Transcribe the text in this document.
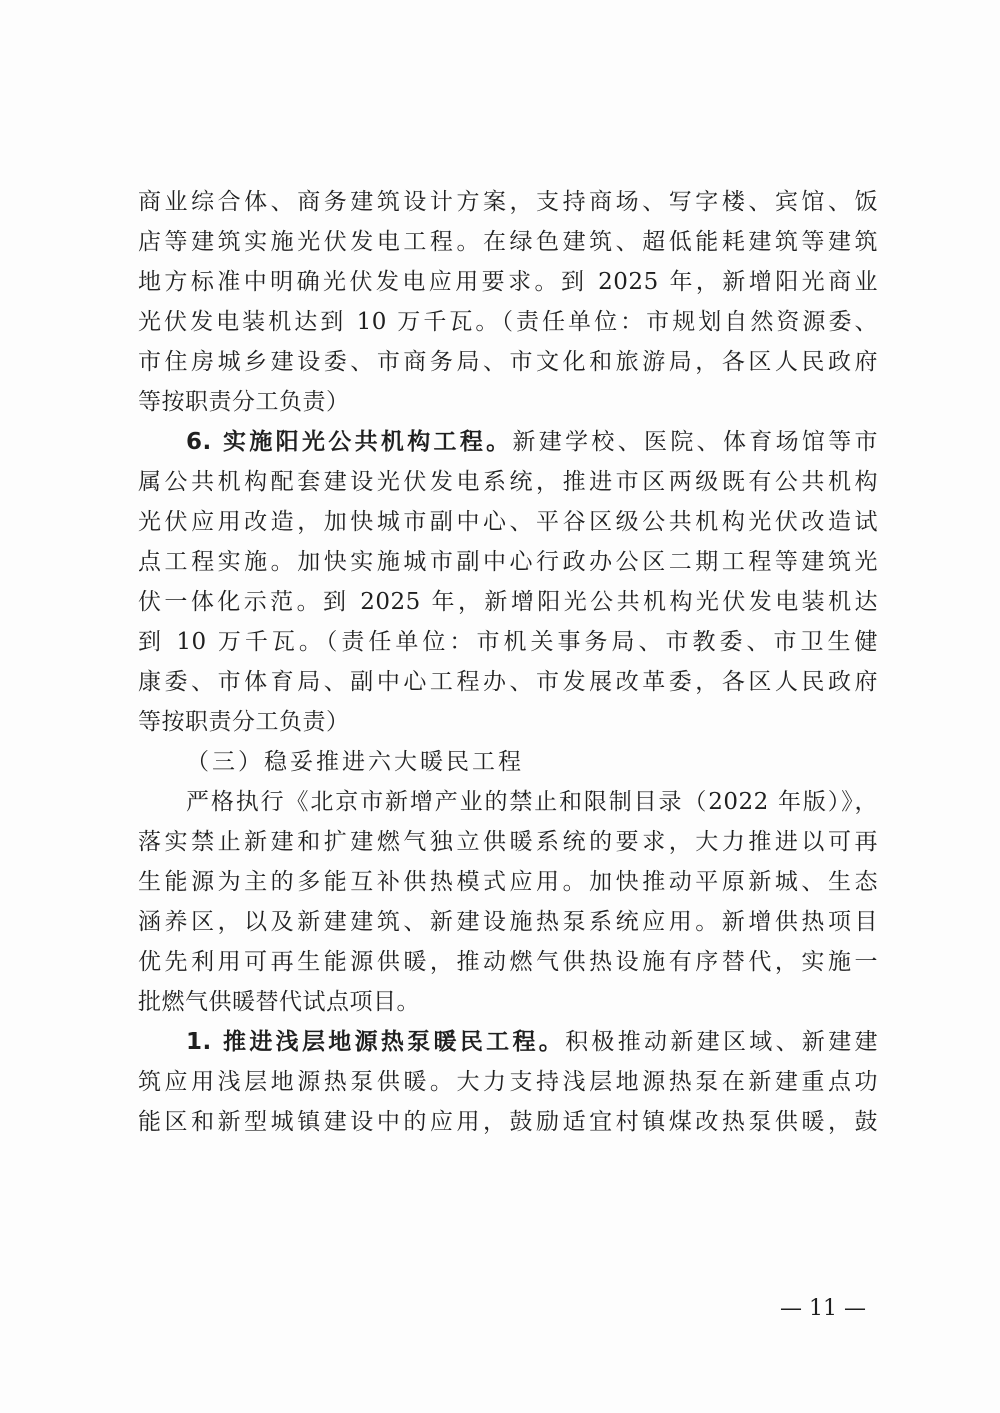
商业综合体、商务建筑设计方案，支持商场、写字楼、宾馆、饭
店等建筑实施光伏发电工程。在绿色建筑、超低能耗建筑等建筑
地方标准中明确光伏发电应用要求。到 2025 年，新增阳光商业
光伏发电装机达到 10 万千瓦。（责任单位：市规划自然资源委、
市住房城乡建设委、市商务局、市文化和旅游局，各区人民政府
等按职责分工负责）
6. 实施阳光公共机构工程。新建学校、医院、体育场馆等市
属公共机构配套建设光伏发电系统，推进市区两级既有公共机构
光伏应用改造，加快城市副中心、平谷区级公共机构光伏改造试
点工程实施。加快实施城市副中心行政办公区二期工程等建筑光
伏一体化示范。到 2025 年，新增阳光公共机构光伏发电装机达
到 10 万千瓦。（责任单位：市机关事务局、市教委、市卫生健
康委、市体育局、副中心工程办、市发展改革委，各区人民政府
等按职责分工负责）
（三）稳妥推进六大暖民工程
严格执行《北京市新增产业的禁止和限制目录（2022 年版）》，
落实禁止新建和扩建燃气独立供暖系统的要求，大力推进以可再
生能源为主的多能互补供热模式应用。加快推动平原新城、生态
涵养区，以及新建建筑、新建设施热泵系统应用。新增供热项目
优先利用可再生能源供暖，推动燃气供热设施有序替代，实施一
批燃气供暖替代试点项目。
1. 推进浅层地源热泵暖民工程。积极推动新建区域、新建建
筑应用浅层地源热泵供暖。大力支持浅层地源热泵在新建重点功
能区和新型城镇建设中的应用，鼓励适宜村镇煤改热泵供暖，鼓
— 11 —
